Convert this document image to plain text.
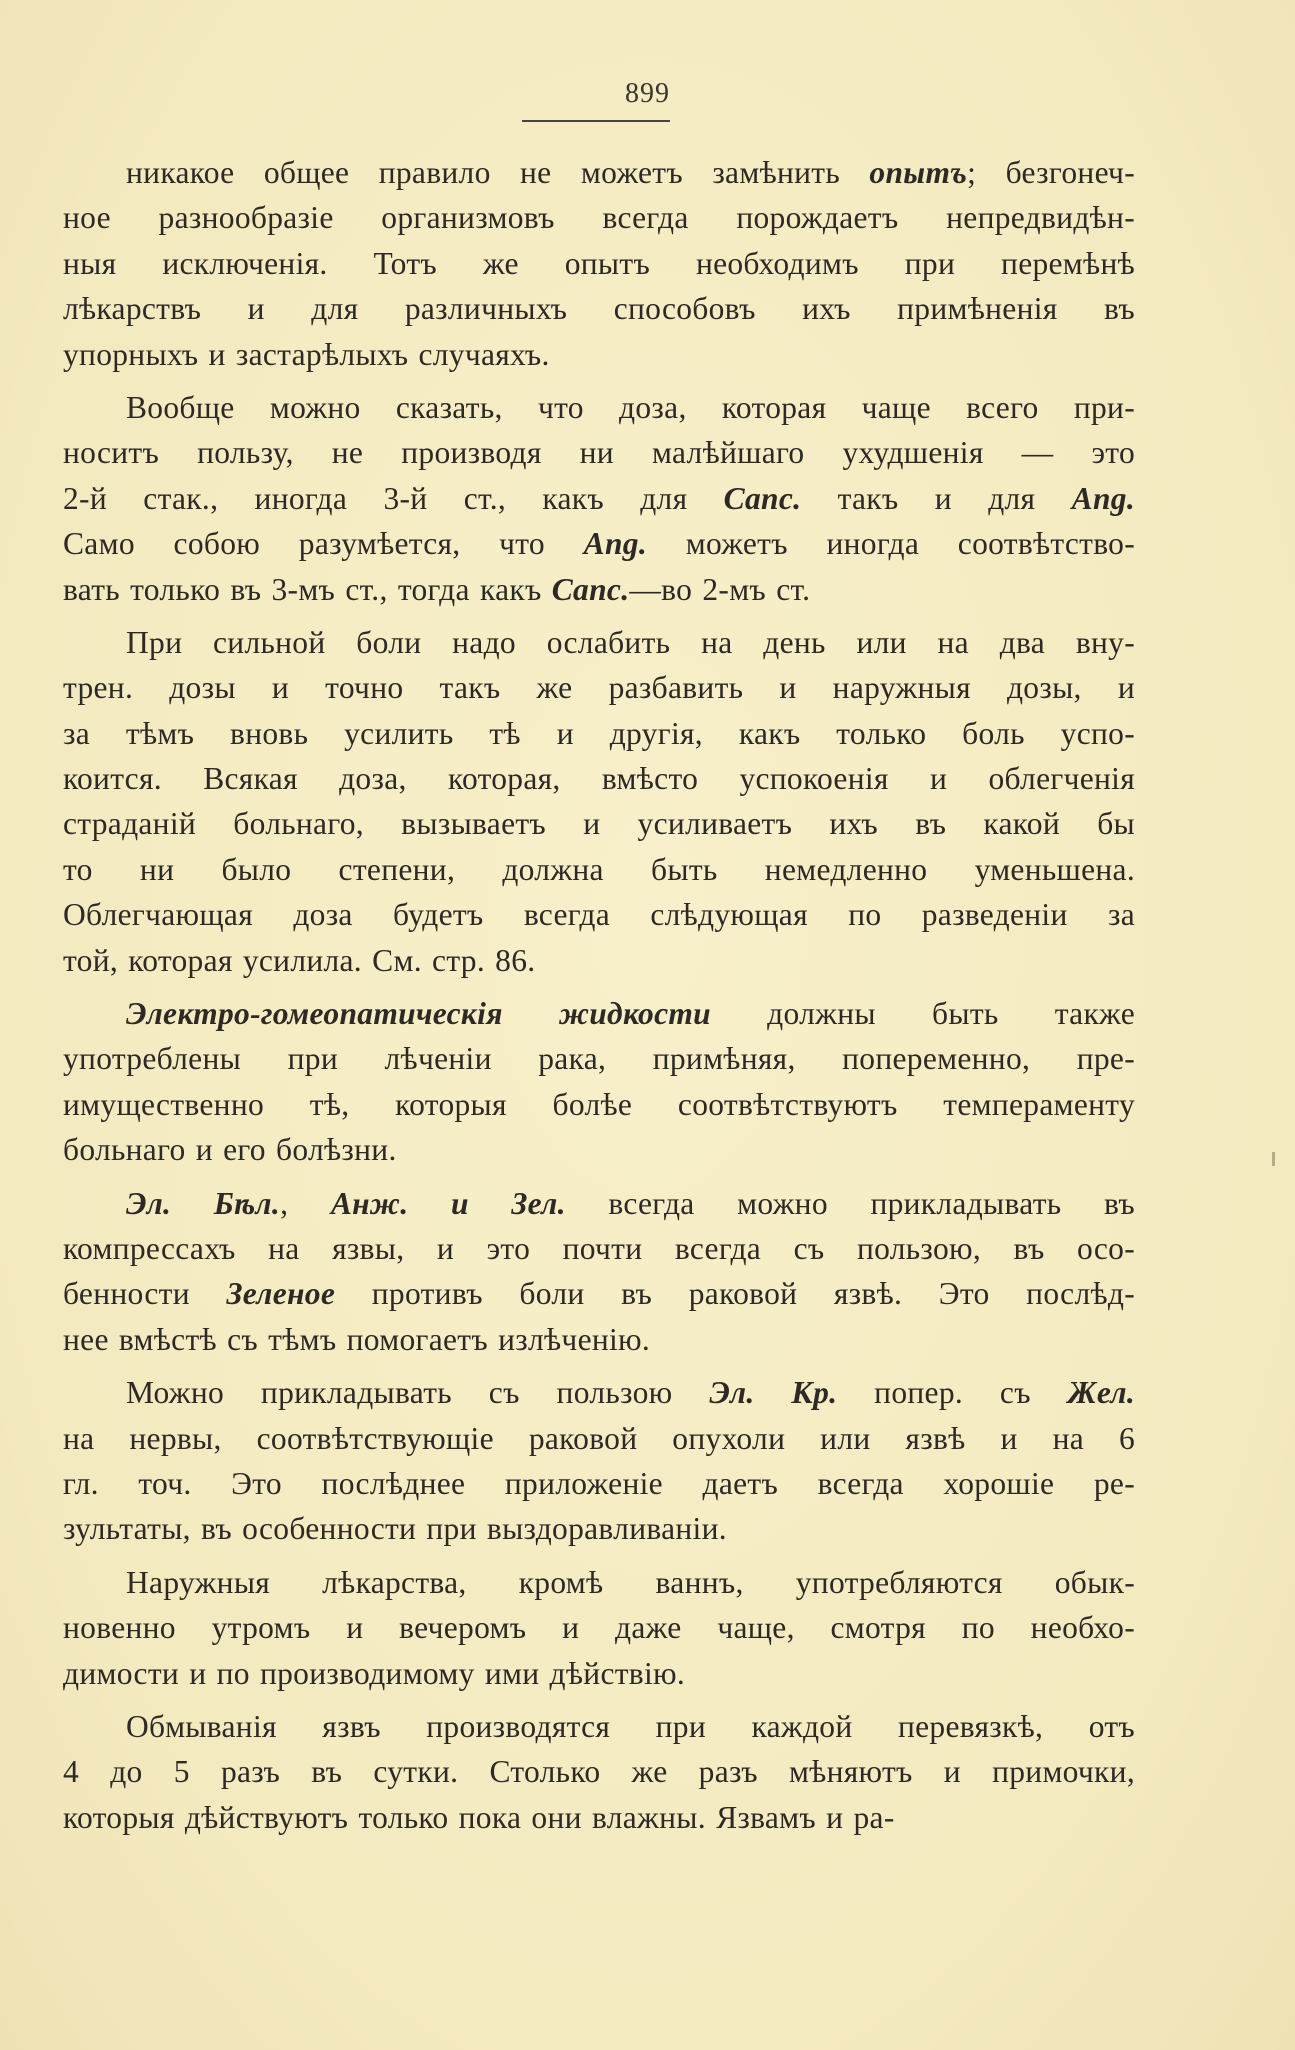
899
никакое общее правило не можетъ замѣнить опытъ; безгонеч-
ное разнообразіе организмовъ всегда порождаетъ непредвидѣн-
ныя исключенія. Тотъ же опытъ необходимъ при перемѣнѣ
лѣкарствъ и для различныхъ способовъ ихъ примѣненія въ
упорныхъ и застарѣлыхъ случаяхъ.
Вообще можно сказать, что доза, которая чаще всего при-
носитъ пользу, не производя ни малѣйшаго ухудшенія — это
2-й стак., иногда 3-й ст., какъ для Canc. такъ и для Ang.
Само собою разумѣется, что Ang. можетъ иногда соотвѣтство-
вать только въ 3-мъ ст., тогда какъ Canc.—во 2-мъ ст.
При сильной боли надо ослабить на день или на два вну-
трен. дозы и точно такъ же разбавить и наружныя дозы, и
за тѣмъ вновь усилить тѣ и другія, какъ только боль успо-
коится. Всякая доза, которая, вмѣсто успокоенія и облегченія
страданій больнаго, вызываетъ и усиливаетъ ихъ въ какой бы
то ни было степени, должна быть немедленно уменьшена.
Облегчающая доза будетъ всегда слѣдующая по разведеніи за
той, которая усилила. См. стр. 86.
Электро-гомеопатическія жидкости должны быть также
употреблены при лѣченіи рака, примѣняя, попеременно, пре-
имущественно тѣ, которыя болѣе соотвѣтствуютъ темпераменту
больнаго и его болѣзни.
Эл. Бѣл., Анж. и Зел. всегда можно прикладывать въ
компрессахъ на язвы, и это почти всегда съ пользою, въ осо-
бенности Зеленое противъ боли въ раковой язвѣ. Это послѣд-
нее вмѣстѣ съ тѣмъ помогаетъ излѣченію.
Можно прикладывать съ пользою Эл. Кр. попер. съ Жел.
на нервы, соотвѣтствующіе раковой опухоли или язвѣ и на 6
гл. точ. Это послѣднее приложеніе даетъ всегда хорошіе ре-
зультаты, въ особенности при выздоравливаніи.
Наружныя лѣкарства, кромѣ ваннъ, употребляются обык-
новенно утромъ и вечеромъ и даже чаще, смотря по необхо-
димости и по производимому ими дѣйствію.
Обмыванія язвъ производятся при каждой перевязкѣ, отъ
4 до 5 разъ въ сутки. Столько же разъ мѣняютъ и примочки,
которыя дѣйствуютъ только пока они влажны. Язвамъ и ра-
